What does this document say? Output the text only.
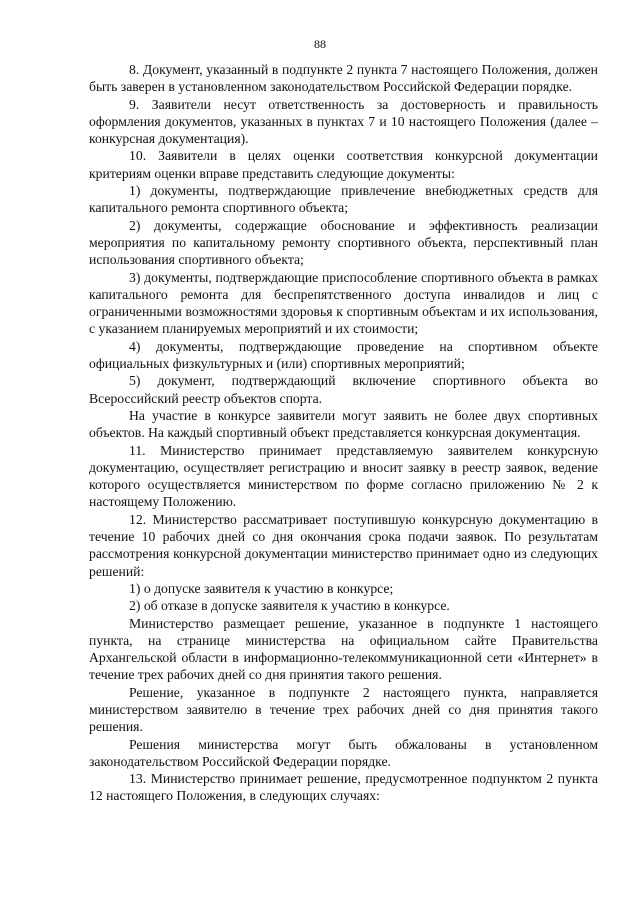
88

8. Документ, указанный в подпункте 2 пункта 7 настоящего Положения, должен быть заверен в установленном законодательством Российской Федерации порядке.

9. Заявители несут ответственность за достоверность и правильность оформления документов, указанных в пунктах 7 и 10 настоящего Положения (далее – конкурсная документация).

10. Заявители в целях оценки соответствия конкурсной документации критериям оценки вправе представить следующие документы:

1) документы, подтверждающие привлечение внебюджетных средств для капитального ремонта спортивного объекта;

2) документы, содержащие обоснование и эффективность реализации мероприятия по капитальному ремонту спортивного объекта, перспективный план использования спортивного объекта;

3) документы, подтверждающие приспособление спортивного объекта в рамках капитального ремонта для беспрепятственного доступа инвалидов и лиц с ограниченными возможностями здоровья к спортивным объектам и их использования, с указанием планируемых мероприятий и их стоимости;

4) документы, подтверждающие проведение на спортивном объекте официальных физкультурных и (или) спортивных мероприятий;

5) документ, подтверждающий включение спортивного объекта во Всероссийский реестр объектов спорта.

На участие в конкурсе заявители могут заявить не более двух спортивных объектов. На каждый спортивный объект представляется конкурсная документация.

11. Министерство принимает представляемую заявителем конкурсную документацию, осуществляет регистрацию и вносит заявку в реестр заявок, ведение которого осуществляется министерством по форме согласно приложению № 2 к настоящему Положению.

12. Министерство рассматривает поступившую конкурсную документацию в течение 10 рабочих дней со дня окончания срока подачи заявок. По результатам рассмотрения конкурсной документации министерство принимает одно из следующих решений:

1) о допуске заявителя к участию в конкурсе;

2) об отказе в допуске заявителя к участию в конкурсе.

Министерство размещает решение, указанное в подпункте 1 настоящего пункта, на странице министерства на официальном сайте Правительства Архангельской области в информационно-телекоммуникационной сети «Интернет» в течение трех рабочих дней со дня принятия такого решения.

Решение, указанное в подпункте 2 настоящего пункта, направляется министерством заявителю в течение трех рабочих дней со дня принятия такого решения.

Решения министерства могут быть обжалованы в установленном законодательством Российской Федерации порядке.

13. Министерство принимает решение, предусмотренное подпунктом 2 пункта 12 настоящего Положения, в следующих случаях:
